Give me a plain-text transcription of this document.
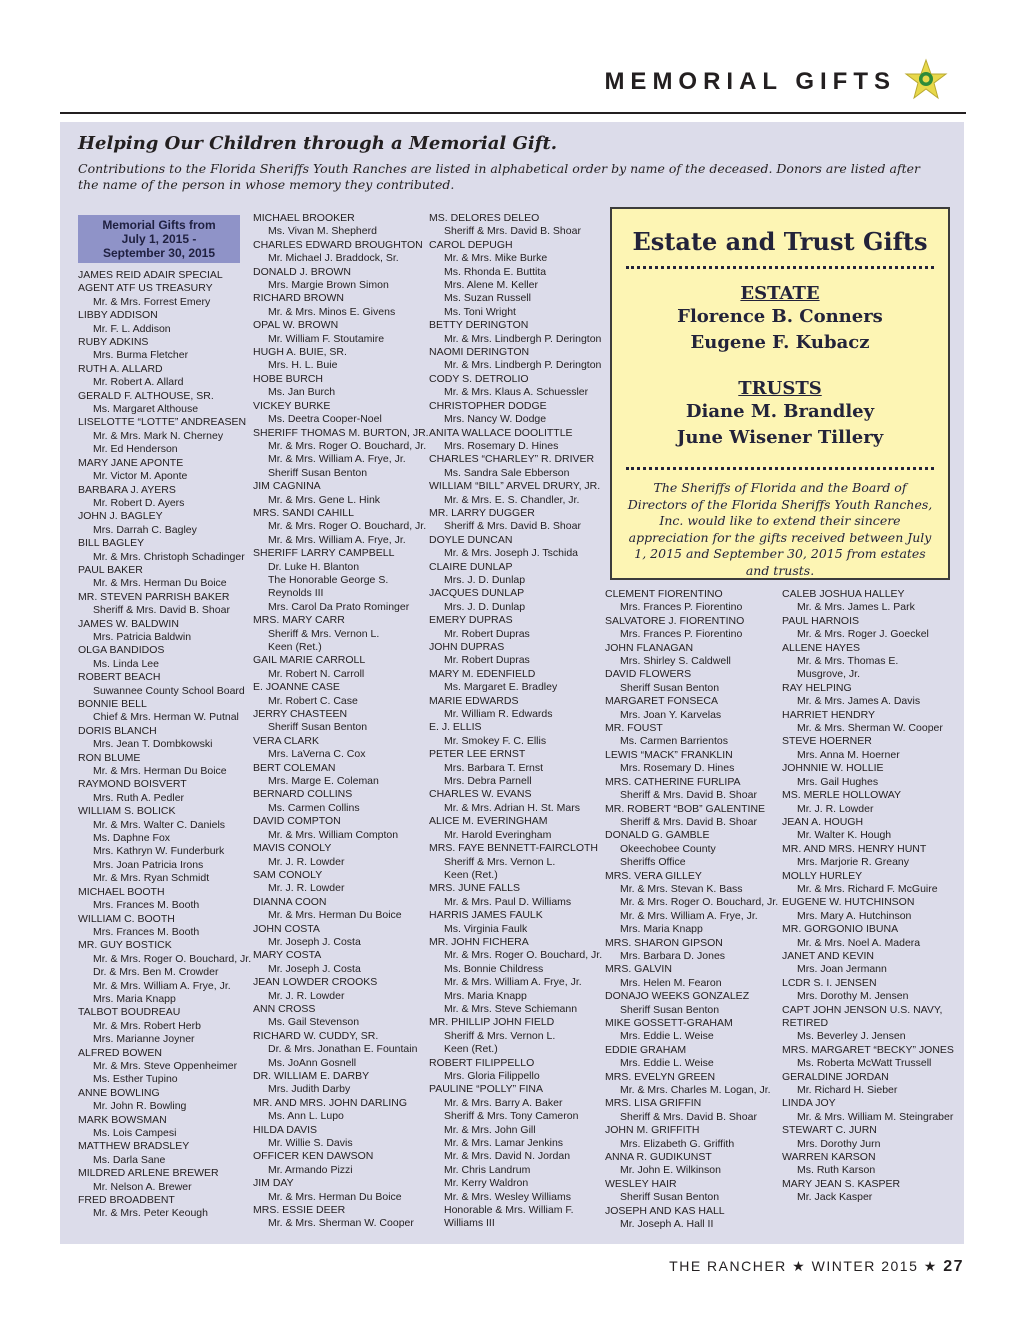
MEMORIAL GIFTS
Helping Our Children through a Memorial Gift.
Contributions to the Florida Sheriffs Youth Ranches are listed in alphabetical order by name of the deceased. Donors are listed after the name of the person in whose memory they contributed.
Memorial Gifts from
July 1, 2015 -
September 30, 2015
JAMES REID ADAIR SPECIAL
AGENT ATF US TREASURY
Mr. & Mrs. Forrest Emery
LIBBY ADDISON
Mr. F. L. Addison
RUBY ADKINS
Mrs. Burma Fletcher
RUTH A. ALLARD
Mr. Robert A. Allard
GERALD F. ALTHOUSE, SR.
Ms. Margaret Althouse
LISELOTTE “LOTTE” ANDREASEN
Mr. & Mrs. Mark N. Cherney
Mr. Ed Henderson
MARY JANE APONTE
Mr. Victor M. Aponte
BARBARA J. AYERS
Mr. Robert D. Ayers
JOHN J. BAGLEY
Mrs. Darrah C. Bagley
BILL BAGLEY
Mr. & Mrs. Christoph Schadinger
PAUL BAKER
Mr. & Mrs. Herman Du Boice
MR. STEVEN PARRISH BAKER
Sheriff & Mrs. David B. Shoar
JAMES W. BALDWIN
Mrs. Patricia Baldwin
OLGA BANDIDOS
Ms. Linda Lee
ROBERT BEACH
Suwannee County School Board
BONNIE BELL
Chief & Mrs. Herman W. Putnal
DORIS BLANCH
Mrs. Jean T. Dombkowski
RON BLUME
Mr. & Mrs. Herman Du Boice
RAYMOND BOISVERT
Mrs. Ruth A. Pedler
WILLIAM S. BOLICK
Mr. & Mrs. Walter C. Daniels
Ms. Daphne Fox
Mrs. Kathryn W. Funderburk
Mrs. Joan Patricia Irons
Mr. & Mrs. Ryan Schmidt
MICHAEL BOOTH
Mrs. Frances M. Booth
WILLIAM C. BOOTH
Mrs. Frances M. Booth
MR. GUY BOSTICK
Mr. & Mrs. Roger O. Bouchard, Jr.
Dr. & Mrs. Ben M. Crowder
Mr. & Mrs. William A. Frye, Jr.
Mrs. Maria Knapp
TALBOT BOUDREAU
Mr. & Mrs. Robert Herb
Mrs. Marianne Joyner
ALFRED BOWEN
Mr. & Mrs. Steve Oppenheimer
Ms. Esther Tupino
ANNE BOWLING
Mr. John R. Bowling
MARK BOWSMAN
Ms. Lois Campesi
MATTHEW BRADSLEY
Ms. Darla Sane
MILDRED ARLENE BREWER
Mr. Nelson A. Brewer
FRED BROADBENT
Mr. & Mrs. Peter Keough
MICHAEL BROOKER
Ms. Vivan M. Shepherd
CHARLES EDWARD BROUGHTON
Mr. Michael J. Braddock, Sr.
DONALD J. BROWN
Mrs. Margie Brown Simon
RICHARD BROWN
Mr. & Mrs. Minos E. Givens
OPAL W. BROWN
Mr. William F. Stoutamire
HUGH A. BUIE, SR.
Mrs. H. L. Buie
HOBE BURCH
Ms. Jan Burch
VICKEY BURKE
Ms. Deetra Cooper-Noel
SHERIFF THOMAS M. BURTON, JR.
Mr. & Mrs. Roger O. Bouchard, Jr.
Mr. & Mrs. William A. Frye, Jr.
Sheriff Susan Benton
JIM CAGNINA
Mr. & Mrs. Gene L. Hink
MRS. SANDI CAHILL
Mr. & Mrs. Roger O. Bouchard, Jr.
Mr. & Mrs. William A. Frye, Jr.
SHERIFF LARRY CAMPBELL
Dr. Luke H. Blanton
The Honorable George S.
Reynolds III
Mrs. Carol Da Prato Rominger
MRS. MARY CARR
Sheriff & Mrs. Vernon L.
Keen (Ret.)
GAIL MARIE CARROLL
Mr. Robert N. Carroll
E. JOANNE CASE
Mr. Robert C. Case
JERRY CHASTEEN
Sheriff Susan Benton
VERA CLARK
Mrs. LaVerna C. Cox
BERT COLEMAN
Mrs. Marge E. Coleman
BERNARD COLLINS
Ms. Carmen Collins
DAVID COMPTON
Mr. & Mrs. William Compton
MAVIS CONOLY
Mr. J. R. Lowder
SAM CONOLY
Mr. J. R. Lowder
DIANNA COON
Mr. & Mrs. Herman Du Boice
JOHN COSTA
Mr. Joseph J. Costa
MARY COSTA
Mr. Joseph J. Costa
JEAN LOWDER CROOKS
Mr. J. R. Lowder
ANN CROSS
Ms. Gail Stevenson
RICHARD W. CUDDY, SR.
Dr. & Mrs. Jonathan E. Fountain
Ms. JoAnn Gosnell
DR. WILLIAM E. DARBY
Mrs. Judith Darby
MR. AND MRS. JOHN DARLING
Ms. Ann L. Lupo
HILDA DAVIS
Mr. Willie S. Davis
OFFICER KEN DAWSON
Mr. Armando Pizzi
JIM DAY
Mr. & Mrs. Herman Du Boice
MRS. ESSIE DEER
Mr. & Mrs. Sherman W. Cooper
MS. DELORES DELEO
Sheriff & Mrs. David B. Shoar
CAROL DEPUGH
Mr. & Mrs. Mike Burke
Ms. Rhonda E. Buttita
Mrs. Alene M. Keller
Ms. Suzan Russell
Ms. Toni Wright
BETTY DERINGTON
Mr. & Mrs. Lindbergh P. Derington
NAOMI DERINGTON
Mr. & Mrs. Lindbergh P. Derington
CODY S. DETROLIO
Mr. & Mrs. Klaus A. Schuessler
CHRISTOPHER DODGE
Mrs. Nancy W. Dodge
ANITA WALLACE DOOLITTLE
Mrs. Rosemary D. Hines
CHARLES “CHARLEY” R. DRIVER
Ms. Sandra Sale Ebberson
WILLIAM “BILL” ARVEL DRURY, JR.
Mr. & Mrs. E. S. Chandler, Jr.
MR. LARRY DUGGER
Sheriff & Mrs. David B. Shoar
DOYLE DUNCAN
Mr. & Mrs. Joseph J. Tschida
CLAIRE DUNLAP
Mrs. J. D. Dunlap
JACQUES DUNLAP
Mrs. J. D. Dunlap
EMERY DUPRAS
Mr. Robert Dupras
JOHN DUPRAS
Mr. Robert Dupras
MARY M. EDENFIELD
Ms. Margaret E. Bradley
MARIE EDWARDS
Mr. William R. Edwards
E. J. ELLIS
Mr. Smokey F. C. Ellis
PETER LEE ERNST
Mrs. Barbara T. Ernst
Mrs. Debra Parnell
CHARLES W. EVANS
Mr. & Mrs. Adrian H. St. Mars
ALICE M. EVERINGHAM
Mr. Harold Everingham
MRS. FAYE BENNETT-FAIRCLOTH
Sheriff & Mrs. Vernon L.
Keen (Ret.)
MRS. JUNE FALLS
Mr. & Mrs. Paul D. Williams
HARRIS JAMES FAULK
Ms. Virginia Faulk
MR. JOHN FICHERA
Mr. & Mrs. Roger O. Bouchard, Jr.
Ms. Bonnie Childress
Mr. & Mrs. William A. Frye, Jr.
Mrs. Maria Knapp
Mr. & Mrs. Steve Schiemann
MR. PHILLIP JOHN FIELD
Sheriff & Mrs. Vernon L.
Keen (Ret.)
ROBERT FILIPPELLO
Mrs. Gloria Filippello
PAULINE “POLLY” FINA
Mr. & Mrs. Barry A. Baker
Sheriff & Mrs. Tony Cameron
Mr. & Mrs. John Gill
Mr. & Mrs. Lamar Jenkins
Mr. & Mrs. David N. Jordan
Mr. Chris Landrum
Mr. Kerry Waldron
Mr. & Mrs. Wesley Williams
Honorable & Mrs. William F.
Williams III
CLEMENT FIORENTINO
Mrs. Frances P. Fiorentino
SALVATORE J. FIORENTINO
Mrs. Frances P. Fiorentino
JOHN FLANAGAN
Mrs. Shirley S. Caldwell
DAVID FLOWERS
Sheriff Susan Benton
MARGARET FONSECA
Mrs. Joan Y. Karvelas
MR. FOUST
Ms. Carmen Barrientos
LEWIS “MACK” FRANKLIN
Mrs. Rosemary D. Hines
MRS. CATHERINE FURLIPA
Sheriff & Mrs. David B. Shoar
MR. ROBERT “BOB” GALENTINE
Sheriff & Mrs. David B. Shoar
DONALD G. GAMBLE
Okeechobee County
Sheriffs Office
MRS. VERA GILLEY
Mr. & Mrs. Stevan K. Bass
Mr. & Mrs. Roger O. Bouchard, Jr.
Mr. & Mrs. William A. Frye, Jr.
Mrs. Maria Knapp
MRS. SHARON GIPSON
Mrs. Barbara D. Jones
MRS. GALVIN
Mrs. Helen M. Fearon
DONAJO WEEKS GONZALEZ
Sheriff Susan Benton
MIKE GOSSETT-GRAHAM
Mrs. Eddie L. Weise
EDDIE GRAHAM
Mrs. Eddie L. Weise
MRS. EVELYN GREEN
Mr. & Mrs. Charles M. Logan, Jr.
MRS. LISA GRIFFIN
Sheriff & Mrs. David B. Shoar
JOHN M. GRIFFITH
Mrs. Elizabeth G. Griffith
ANNA R. GUDIKUNST
Mr. John E. Wilkinson
WESLEY HAIR
Sheriff Susan Benton
JOSEPH AND KAS HALL
Mr. Joseph A. Hall II
CALEB JOSHUA HALLEY
Mr. & Mrs. James L. Park
PAUL HARNOIS
Mr. & Mrs. Roger J. Goeckel
ALLENE HAYES
Mr. & Mrs. Thomas E.
Musgrove, Jr.
RAY HELPING
Mr. & Mrs. James A. Davis
HARRIET HENDRY
Mr. & Mrs. Sherman W. Cooper
STEVE HOERNER
Mrs. Anna M. Hoerner
JOHNNIE W. HOLLIE
Mrs. Gail Hughes
MS. MERLE HOLLOWAY
Mr. J. R. Lowder
JEAN A. HOUGH
Mr. Walter K. Hough
MR. AND MRS. HENRY HUNT
Mrs. Marjorie R. Greany
MOLLY HURLEY
Mr. & Mrs. Richard F. McGuire
EUGENE W. HUTCHINSON
Mrs. Mary A. Hutchinson
MR. GORGONIO IBUNA
Mr. & Mrs. Noel A. Madera
JANET AND KEVIN
Mrs. Joan Jermann
LCDR S. I. JENSEN
Mrs. Dorothy M. Jensen
CAPT JOHN JENSON U.S. NAVY,
RETIRED
Ms. Beverley J. Jensen
MRS. MARGARET “BECKY” JONES
Ms. Roberta McWatt Trussell
GERALDINE JORDAN
Mr. Richard H. Sieber
LINDA JOY
Mr. & Mrs. William M. Steingraber
STEWART C. JURN
Mrs. Dorothy Jurn
WARREN KARSON
Ms. Ruth Karson
MARY JEAN S. KASPER
Mr. Jack Kasper
Estate and Trust Gifts
ESTATE
Florence B. Conners
Eugene F. Kubacz
TRUSTS
Diane M. Brandley
June Wisener Tillery
The Sheriffs of Florida and the Board of Directors of the Florida Sheriffs Youth Ranches, Inc. would like to extend their sincere appreciation for the gifts received between July 1, 2015 and September 30, 2015 from estates and trusts.
THE RANCHER ★ WINTER 2015 ★ 27
